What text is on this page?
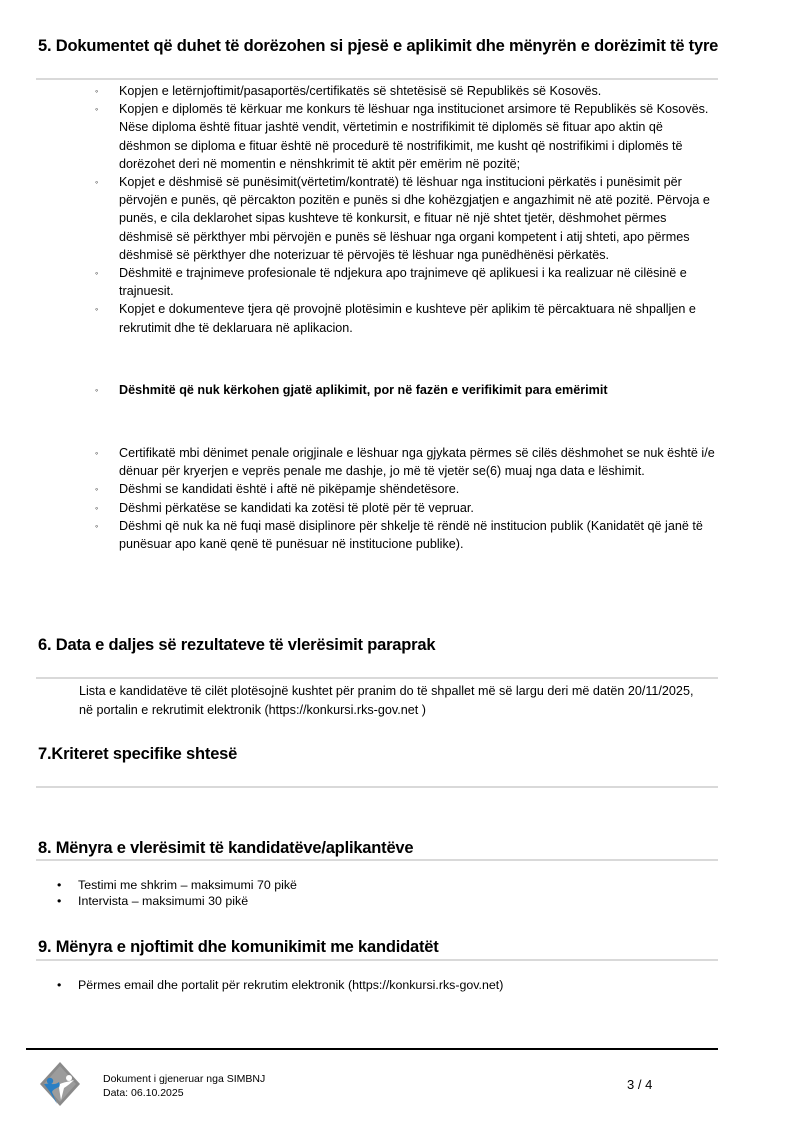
5. Dokumentet që duhet të dorëzohen si pjesë e aplikimit dhe mënyrën e dorëzimit të tyre
◦ Kopjen e letërnjoftimit/pasaportës/certifikatës së shtetësisë së Republikës së Kosovës.
◦ Kopjen e diplomës të kërkuar me konkurs të lëshuar nga institucionet arsimore të Republikës së Kosovës. Nëse diploma është fituar jashtë vendit, vërtetimin e nostrifikimit të diplomës së fituar apo aktin që dëshmon se diploma e fituar është në procedurë të nostrifikimit, me kusht që nostrifikimi i diplomës të dorëzohet deri në momentin e nënshkrimit të aktit për emërim në pozitë;
◦ Kopjet e dëshmisë së punësimit(vërtetim/kontratë) të lëshuar nga institucioni përkatës i punësimit për përvojën e punës, që përcakton pozitën e punës si dhe kohëzgjatjen e angazhimit në atë pozitë. Përvoja e punës, e cila deklarohet sipas kushteve të konkursit, e fituar në një shtet tjetër, dëshmohet përmes dëshmisë së përkthyer mbi përvojën e punës së lëshuar nga organi kompetent i atij shteti, apo përmes dëshmisë së përkthyer dhe noterizuar të përvojës të lëshuar nga punëdhënësi përkatës.
◦ Dëshmitë e trajnimeve profesionale të ndjekura apo trajnimeve që aplikuesi i ka realizuar në cilësinë e trajnuesit.
◦ Kopjet e dokumenteve tjera që provojnë plotësimin e kushteve për aplikim të përcaktuara në shpalljen e rekrutimit dhe të deklaruara në aplikacion.
◦ Dëshmitë që nuk kërkohen gjatë aplikimit, por në fazën e verifikimit para emërimit
◦ Certifikatë mbi dënimet penale origjinale e lëshuar nga gjykata përmes së cilës dëshmohet se nuk është i/e dënuar për kryerjen e veprës penale me dashje, jo më të vjetër se(6) muaj nga data e lëshimit.
◦ Dëshmi se kandidati është i aftë në pikëpamje shëndetësore.
◦ Dëshmi përkatëse se kandidati ka zotësi të plotë për të vepruar.
◦ Dëshmi që nuk ka në fuqi masë disiplinore për shkelje të rëndë në institucion publik (Kanidatët që janë të punësuar apo kanë qenë të punësuar në institucione publike).
6. Data e daljes së rezultateve të vlerësimit paraprak
Lista e kandidatëve të cilët plotësojnë kushtet për pranim do të shpallet më së largu deri më datën 20/11/2025, në portalin e rekrutimit elektronik (https://konkursi.rks-gov.net )
7.Kriteret specifike shtesë
8. Mënyra e vlerësimit të kandidatëve/aplikantëve
• Testimi me shkrim – maksimumi 70 pikë
• Intervista – maksimumi 30 pikë
9. Mënyra e njoftimit dhe komunikimit me kandidatët
• Përmes email dhe portalit për rekrutim elektronik (https://konkursi.rks-gov.net)
Dokument i gjeneruar nga SIMBNJ
Data: 06.10.2025
3 / 4
